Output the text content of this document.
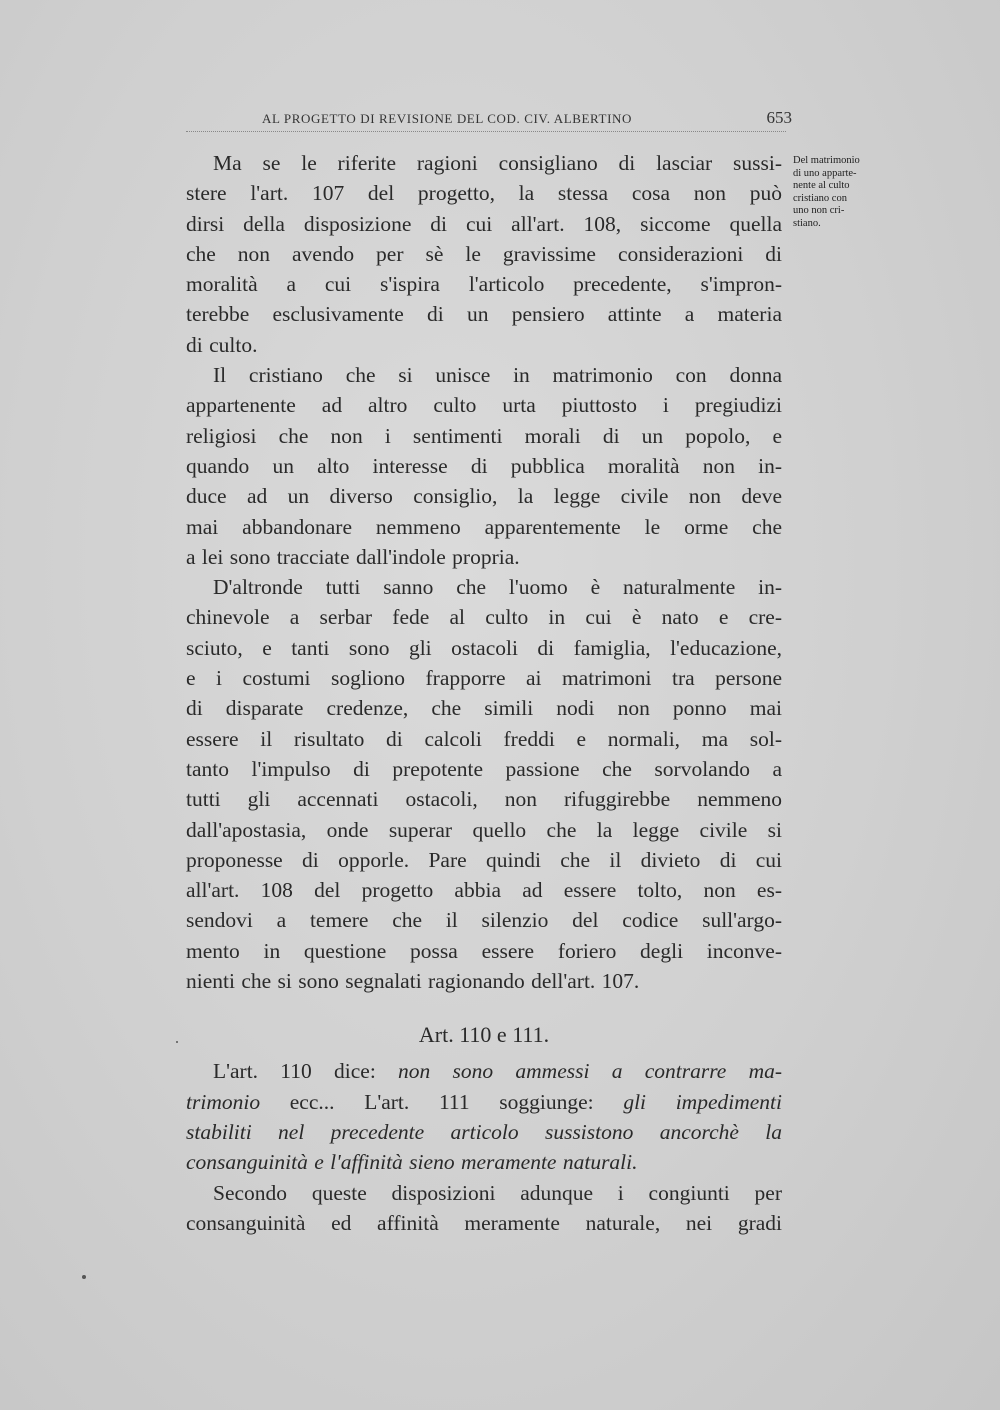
AL PROGETTO DI REVISIONE DEL COD. CIV. ALBERTINO	653
Del matrimonio
di uno apparte-
nente al culto
cristiano con
uno non cri-
stiano.
Ma se le riferite ragioni consigliano di lasciar sussi-
stere l'art. 107 del progetto, la stessa cosa non può
dirsi della disposizione di cui all'art. 108, siccome quella
che non avendo per sè le gravissime considerazioni di
moralità a cui s'ispira l'articolo precedente, s'impron-
terebbe esclusivamente di un pensiero attinte a materia
di culto.
Il cristiano che si unisce in matrimonio con donna
appartenente ad altro culto urta piuttosto i pregiudizi
religiosi che non i sentimenti morali di un popolo, e
quando un alto interesse di pubblica moralità non in-
duce ad un diverso consiglio, la legge civile non deve
mai abbandonare nemmeno apparentemente le orme che
a lei sono tracciate dall'indole propria.
D'altronde tutti sanno che l'uomo è naturalmente in-
chinevole a serbar fede al culto in cui è nato e cre-
sciuto, e tanti sono gli ostacoli di famiglia, l'educazione,
e i costumi sogliono frapporre ai matrimoni tra persone
di disparate credenze, che simili nodi non ponno mai
essere il risultato di calcoli freddi e normali, ma sol-
tanto l'impulso di prepotente passione che sorvolando a
tutti gli accennati ostacoli, non rifuggirebbe nemmeno
dall'apostasia, onde superar quello che la legge civile si
proponesse di opporle. Pare quindi che il divieto di cui
all'art. 108 del progetto abbia ad essere tolto, non es-
sendovi a temere che il silenzio del codice sull'argo-
mento in questione possa essere foriero degli inconve-
nienti che si sono segnalati ragionando dell'art. 107.
Art. 110 e 111.
L'art. 110 dice: non sono ammessi a contrarre ma-
trimonio ecc... L'art. 111 soggiunge: gli impedimenti
stabiliti nel precedente articolo sussistono ancorchè la
consanguinità e l'affinità sieno meramente naturali.
Secondo queste disposizioni adunque i congiunti per
consanguinità ed affinità meramente naturale, nei gradi
